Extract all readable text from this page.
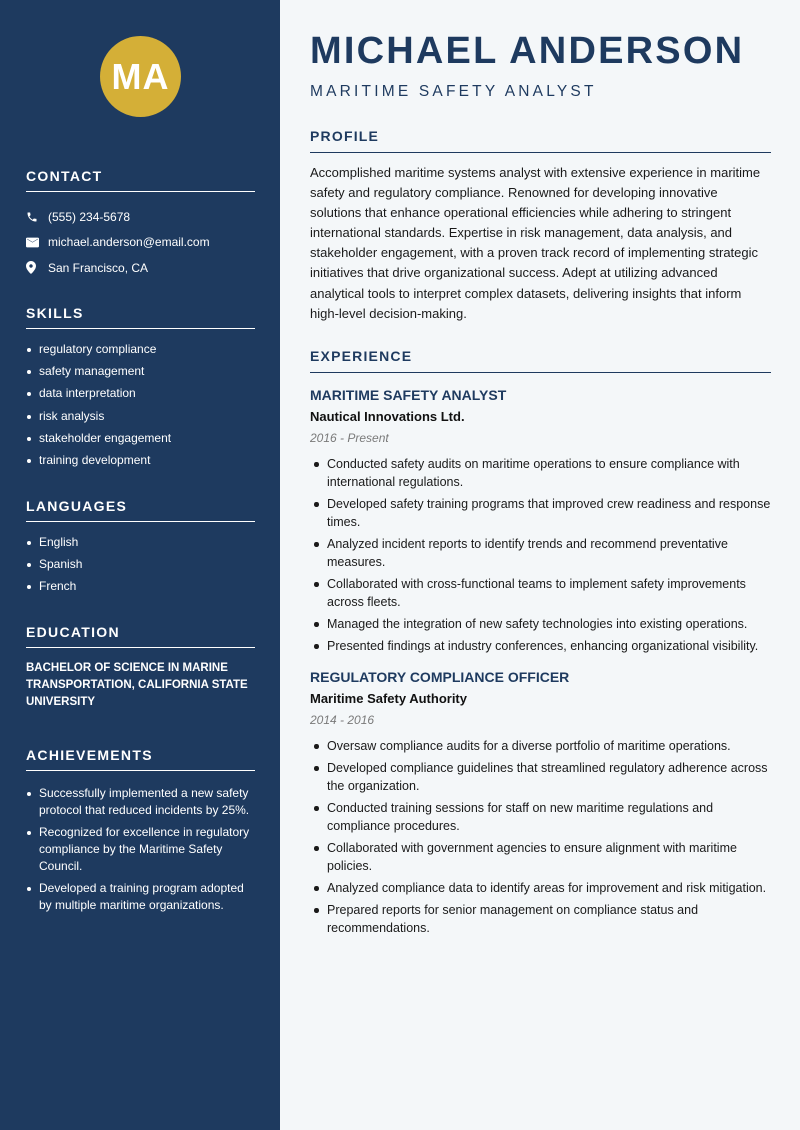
MA
CONTACT
(555) 234-5678
michael.anderson@email.com
San Francisco, CA
SKILLS
regulatory compliance
safety management
data interpretation
risk analysis
stakeholder engagement
training development
LANGUAGES
English
Spanish
French
EDUCATION
BACHELOR OF SCIENCE IN MARINE TRANSPORTATION, CALIFORNIA STATE UNIVERSITY
ACHIEVEMENTS
Successfully implemented a new safety protocol that reduced incidents by 25%.
Recognized for excellence in regulatory compliance by the Maritime Safety Council.
Developed a training program adopted by multiple maritime organizations.
MICHAEL ANDERSON
MARITIME SAFETY ANALYST
PROFILE

Accomplished maritime systems analyst with extensive experience in maritime safety and regulatory compliance. Renowned for developing innovative solutions that enhance operational efficiencies while adhering to stringent international standards. Expertise in risk management, data analysis, and stakeholder engagement, with a proven track record of implementing strategic initiatives that drive organizational success. Adept at utilizing advanced analytical tools to interpret complex datasets, delivering insights that inform high-level decision-making.

EXPERIENCE
MARITIME SAFETY ANALYST
Nautical Innovations Ltd.
2016 - Present
Conducted safety audits on maritime operations to ensure compliance with international regulations.
Developed safety training programs that improved crew readiness and response times.
Analyzed incident reports to identify trends and recommend preventative measures.
Collaborated with cross-functional teams to implement safety improvements across fleets.
Managed the integration of new safety technologies into existing operations.
Presented findings at industry conferences, enhancing organizational visibility.
REGULATORY COMPLIANCE OFFICER
Maritime Safety Authority
2014 - 2016
Oversaw compliance audits for a diverse portfolio of maritime operations.
Developed compliance guidelines that streamlined regulatory adherence across the organization.
Conducted training sessions for staff on new maritime regulations and compliance procedures.
Collaborated with government agencies to ensure alignment with maritime policies.
Analyzed compliance data to identify areas for improvement and risk mitigation.
Prepared reports for senior management on compliance status and recommendations.
